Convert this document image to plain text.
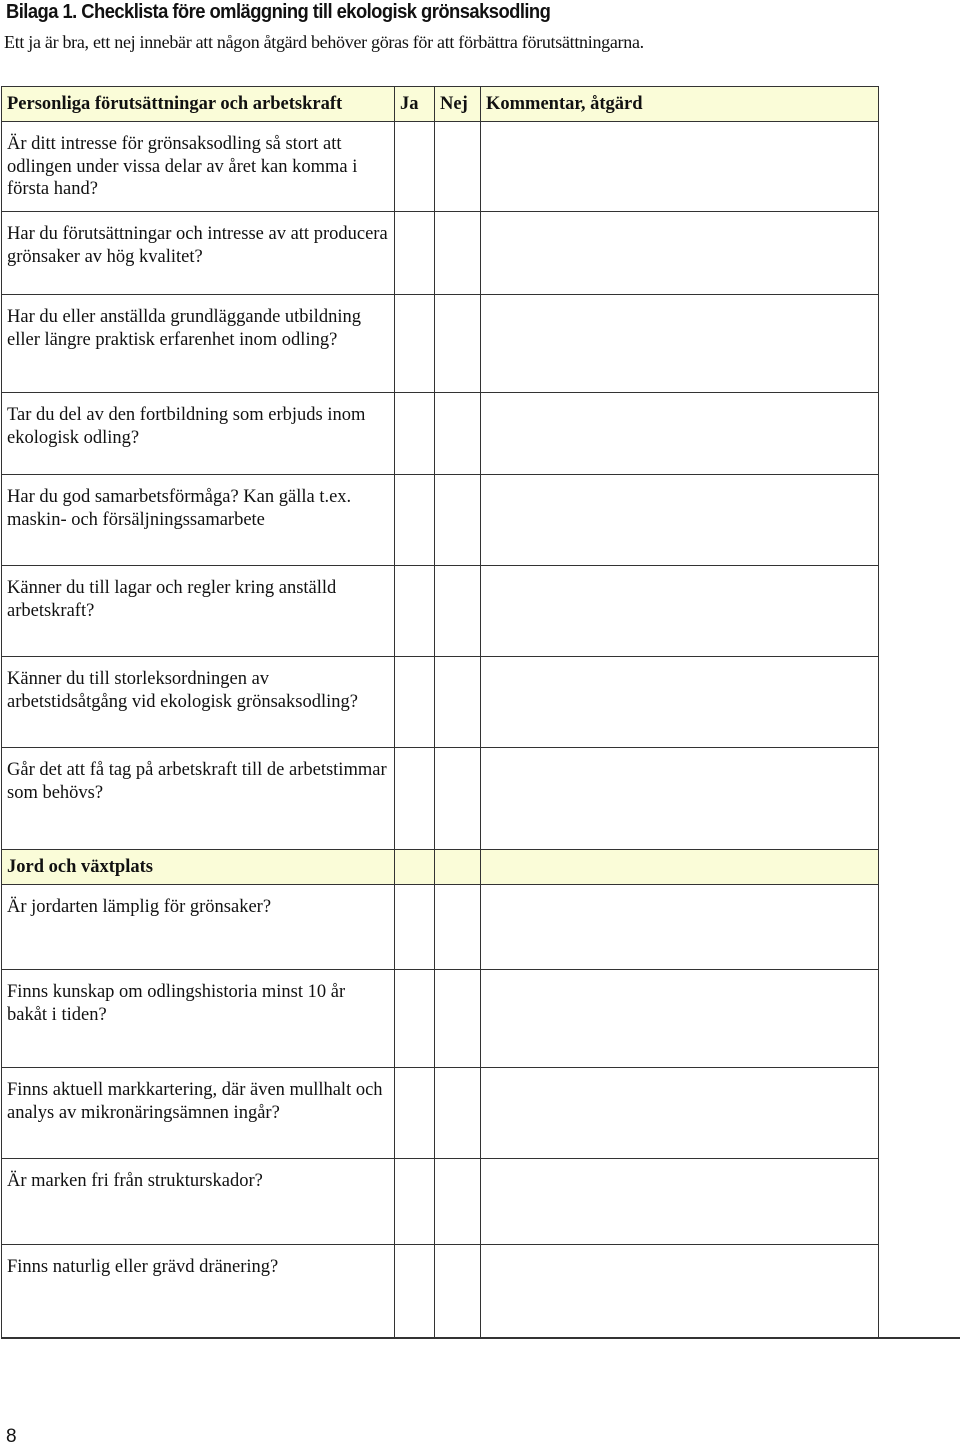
Bilaga 1. Checklista före omläggning till ekologisk grönsaksodling
Ett ja är bra, ett nej innebär att någon åtgärd behöver göras för att förbättra förutsättningarna.
Personliga förutsättningar och arbetskraft	Ja	Nej	Kommentar, åtgärd
Är ditt intresse för grönsaksodling så stort att odlingen under vissa delar av året kan komma i första hand?			
Har du förutsättningar och intresse av att producera grönsaker av hög kvalitet?			
Har du eller anställda grundläggande utbildning eller längre praktisk erfarenhet inom odling?			
Tar du del av den fortbildning som erbjuds inom ekologisk odling?			
Har du god samarbetsförmåga? Kan gälla t.ex. maskin- och försäljningssamarbete			
Känner du till lagar och regler kring anställd arbetskraft?			
Känner du till storleksordningen av arbetstidsåtgång vid ekologisk grönsaksodling?			
Går det att få tag på arbetskraft till de arbetstimmar som behövs?			
Jord och växtplats			
Är jordarten lämplig för grönsaker?			
Finns kunskap om odlingshistoria minst 10 år bakåt i tiden?			
Finns aktuell markkartering, där även mullhalt och analys av mikronäringsämnen ingår?			
Är marken fri från strukturskador?			
Finns naturlig eller grävd dränering?			
8
